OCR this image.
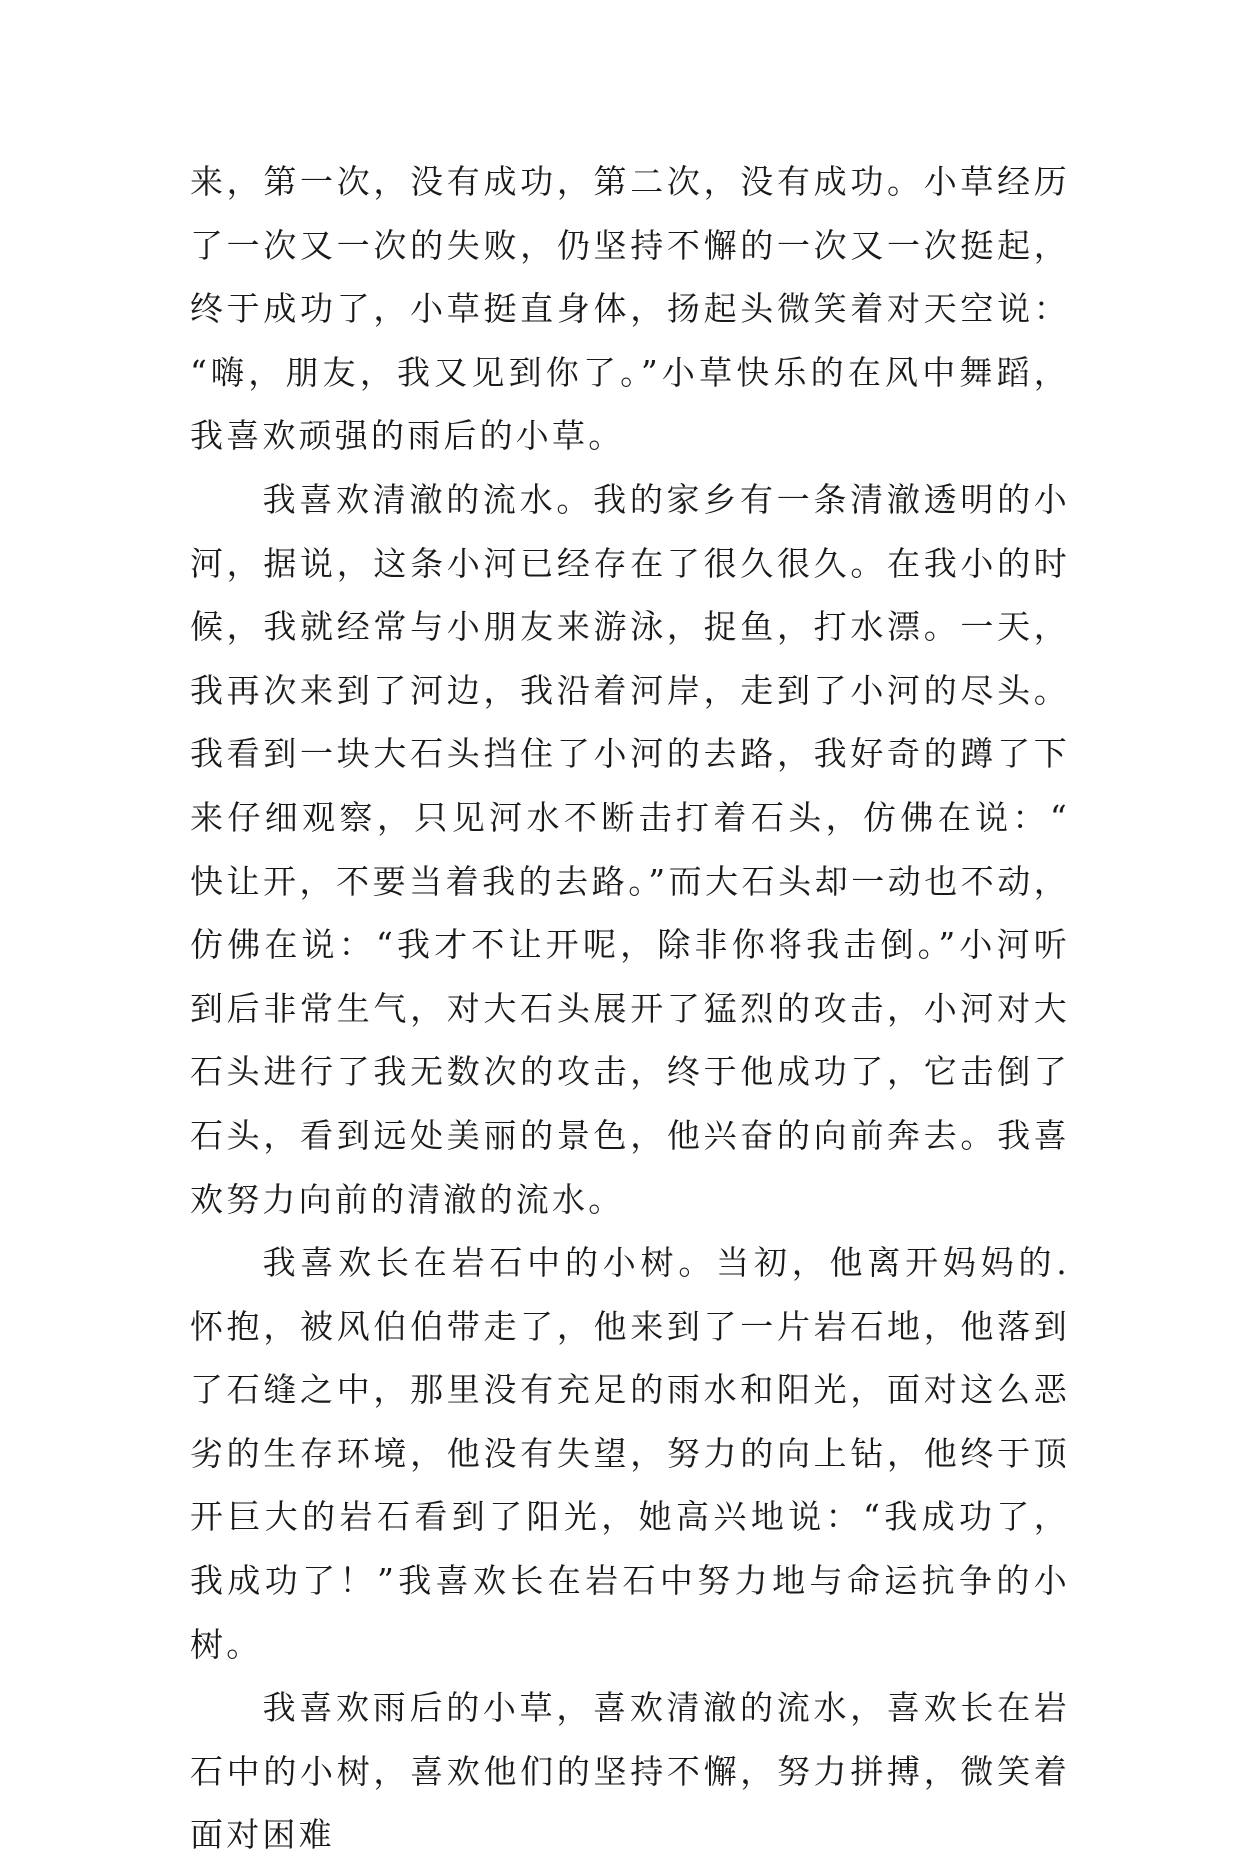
来，第一次，没有成功，第二次，没有成功。小草经历了一次又一次的失败，仍坚持不懈的一次又一次挺起，终于成功了，小草挺直身体，扬起头微笑着对天空说：“嗨，朋友，我又见到你了。”小草快乐的在风中舞蹈，我喜欢顽强的雨后的小草。

我喜欢清澈的流水。我的家乡有一条清澈透明的小河，据说，这条小河已经存在了很久很久。在我小的时候，我就经常与小朋友来游泳，捉鱼，打水漂。一天，我再次来到了河边，我沿着河岸，走到了小河的尽头。我看到一块大石头挡住了小河的去路，我好奇的蹲了下来仔细观察，只见河水不断击打着石头，仿佛在说：“快让开，不要当着我的去路。”而大石头却一动也不动，仿佛在说：“我才不让开呢，除非你将我击倒。”小河听到后非常生气，对大石头展开了猛烈的攻击，小河对大石头进行了我无数次的攻击，终于他成功了，它击倒了石头，看到远处美丽的景色，他兴奋的向前奔去。我喜欢努力向前的清澈的流水。

我喜欢长在岩石中的小树。当初，他离开妈妈的.怀抱，被风伯伯带走了，他来到了一片岩石地，他落到了石缝之中，那里没有充足的雨水和阳光，面对这么恶劣的生存环境，他没有失望，努力的向上钻，他终于顶开巨大的岩石看到了阳光，她高兴地说：“我成功了，我成功了！”我喜欢长在岩石中努力地与命运抗争的小树。

我喜欢雨后的小草，喜欢清澈的流水，喜欢长在岩石中的小树，喜欢他们的坚持不懈，努力拼搏，微笑着面对困难
